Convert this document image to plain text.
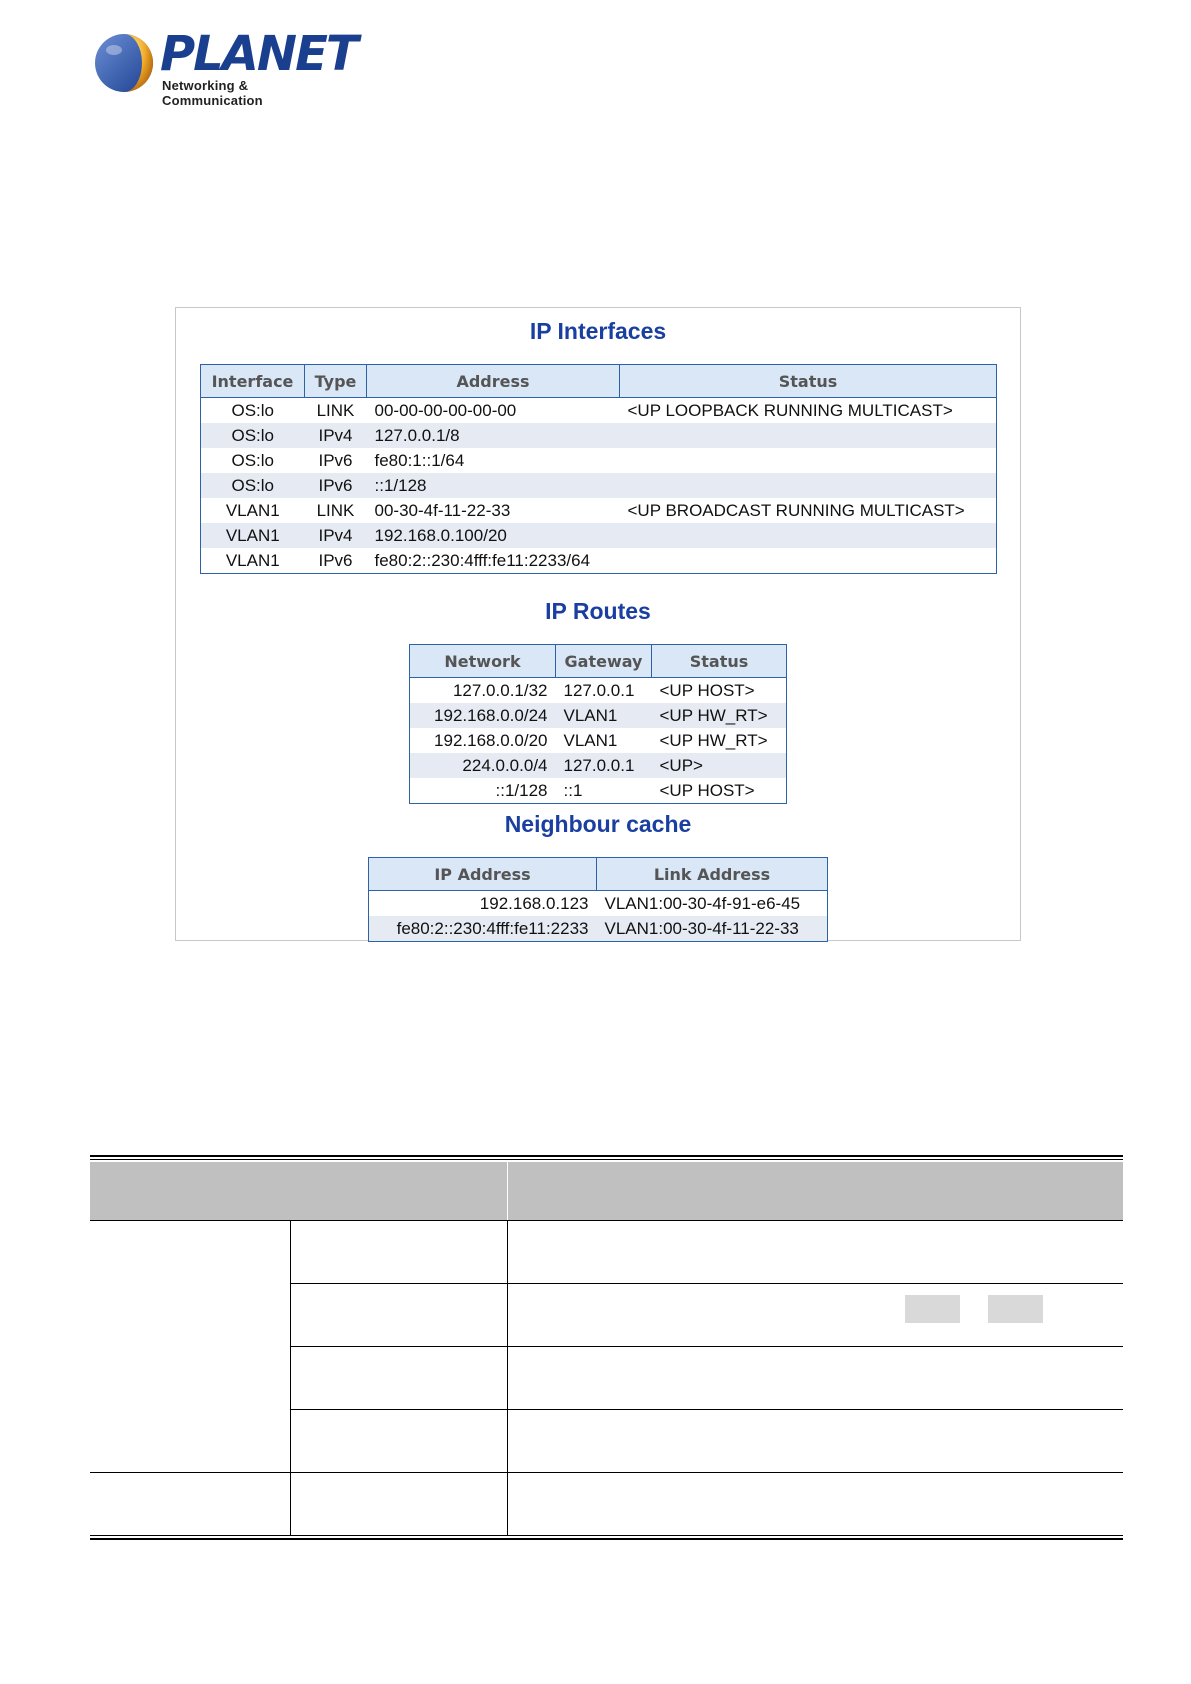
PLANET
Networking & Communication
IP Interfaces
Interface	Type	Address	Status
OS:lo	LINK	00-00-00-00-00-00	<UP LOOPBACK RUNNING MULTICAST>
OS:lo	IPv4	127.0.0.1/8	
OS:lo	IPv6	fe80:1::1/64	
OS:lo	IPv6	::1/128	
VLAN1	LINK	00-30-4f-11-22-33	<UP BROADCAST RUNNING MULTICAST>
VLAN1	IPv4	192.168.0.100/20	
VLAN1	IPv6	fe80:2::230:4fff:fe11:2233/64	
IP Routes
Network	Gateway	Status
127.0.0.1/32	127.0.0.1	<UP HOST>
192.168.0.0/24	VLAN1	<UP HW_RT>
192.168.0.0/20	VLAN1	<UP HW_RT>
224.0.0.0/4	127.0.0.1	<UP>
::1/128	::1	<UP HOST>
Neighbour cache
IP Address	Link Address
192.168.0.123	VLAN1:00-30-4f-91-e6-45
fe80:2::230:4fff:fe11:2233	VLAN1:00-30-4f-11-22-33
